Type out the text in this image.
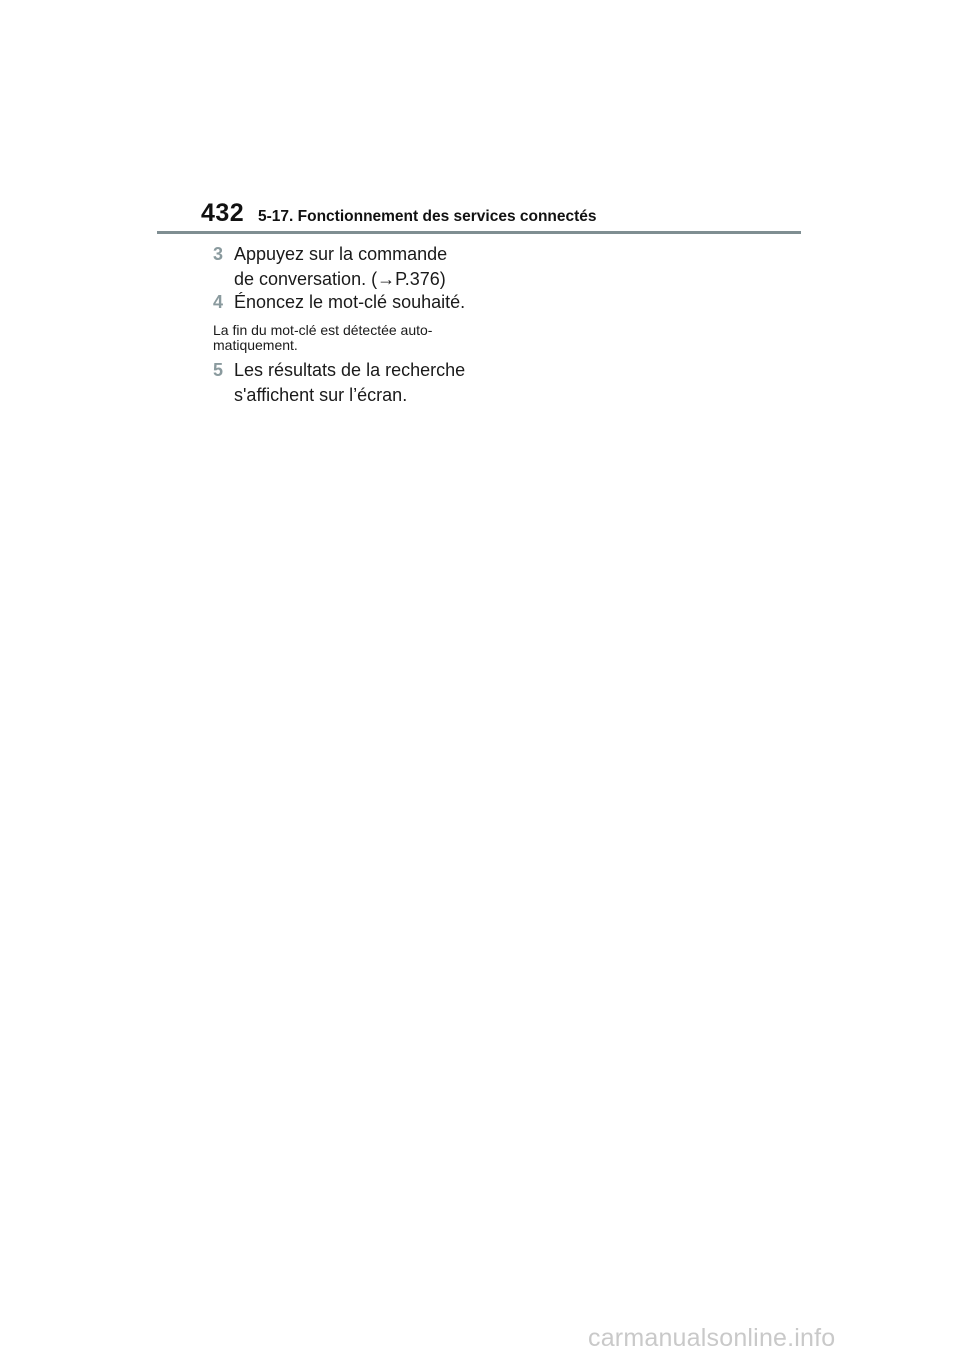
432 5-17. Fonctionnement des services connectés
3 Appuyez sur la commande
de conversation. (→P.376)
4 Énoncez le mot-clé souhaité.
La fin du mot-clé est détectée auto-
matiquement.
5 Les résultats de la recherche
s'affichent sur l’écran.
carmanualsonline.info
